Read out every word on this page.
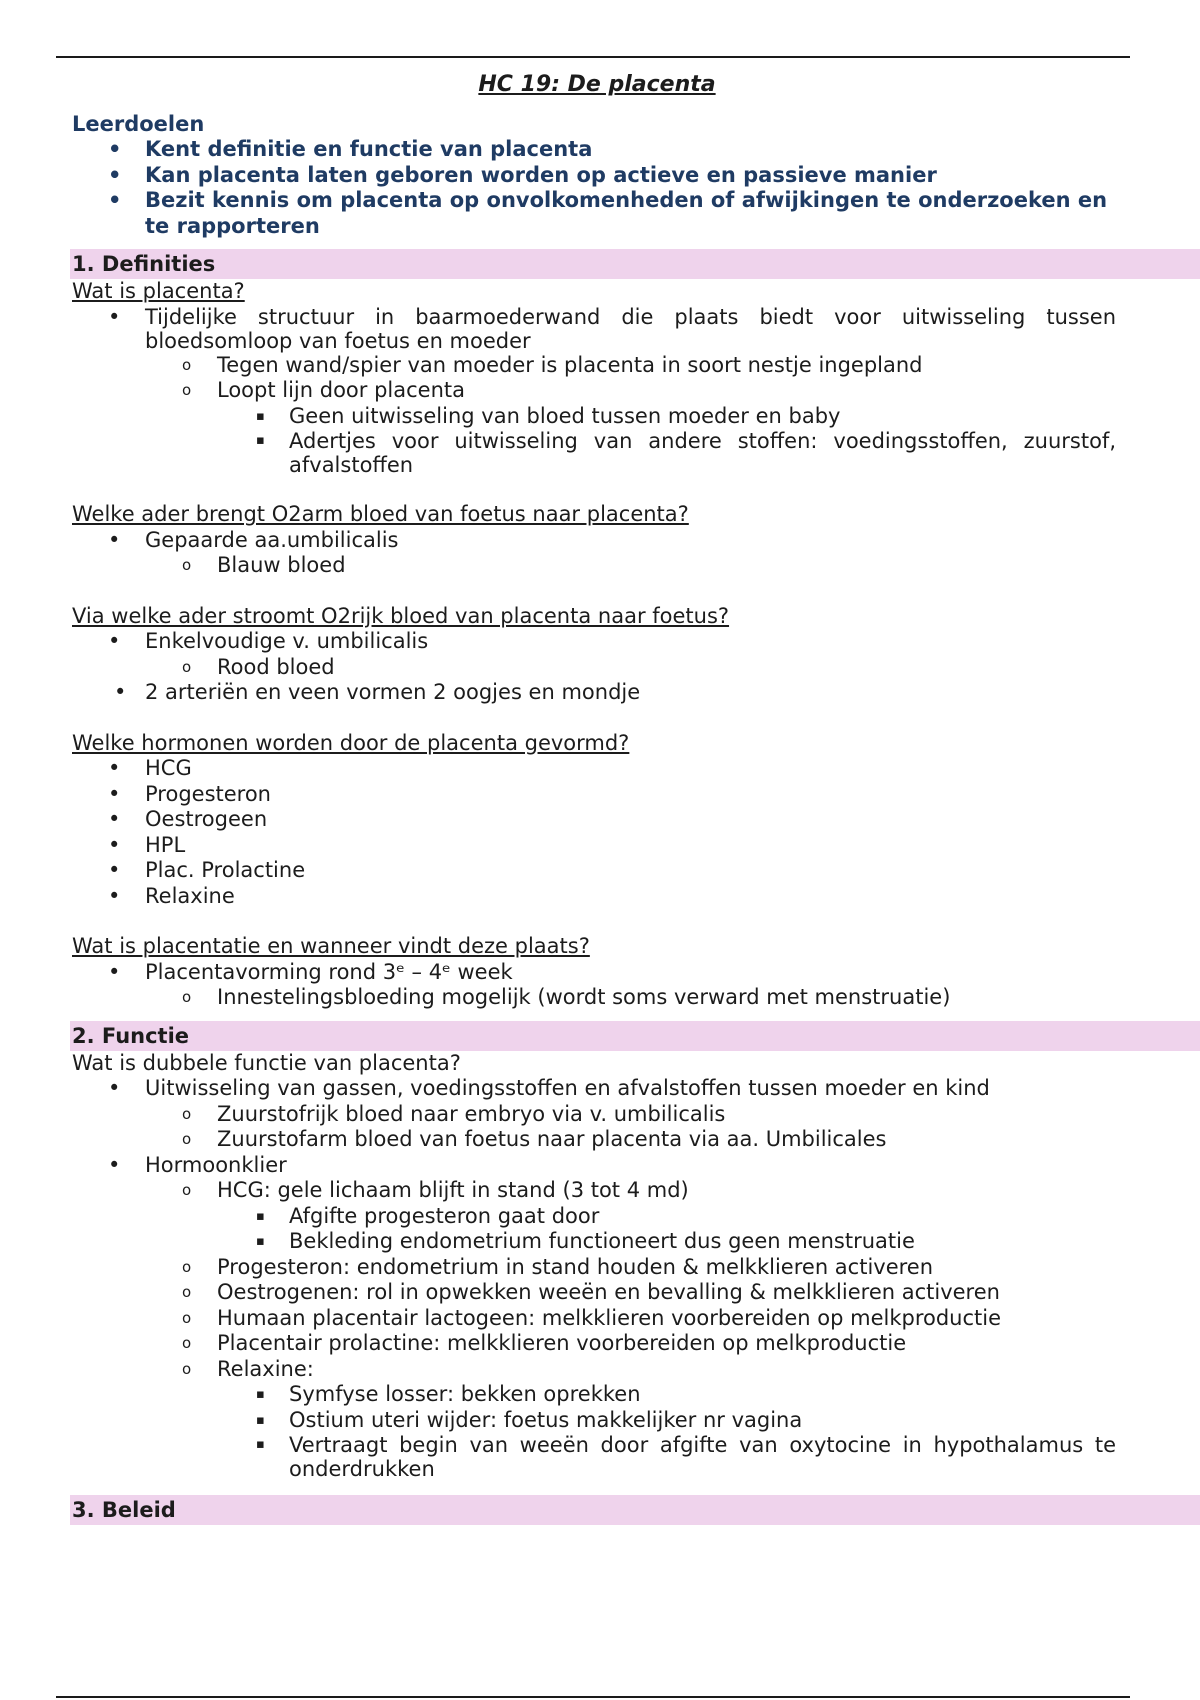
HC 19: De placenta
Leerdoelen
• Kent definitie en functie van placenta
• Kan placenta laten geboren worden op actieve en passieve manier
• Bezit kennis om placenta op onvolkomenheden of afwijkingen te onderzoeken en te rapporteren
1. Definities
Wat is placenta?
• Tijdelijke structuur in baarmoederwand die plaats biedt voor uitwisseling tussen bloedsomloop van foetus en moeder
o Tegen wand/spier van moeder is placenta in soort nestje ingepland
o Loopt lijn door placenta
▪ Geen uitwisseling van bloed tussen moeder en baby
▪ Adertjes voor uitwisseling van andere stoffen: voedingsstoffen, zuurstof, afvalstoffen
Welke ader brengt O2arm bloed van foetus naar placenta?
• Gepaarde aa.umbilicalis
o Blauw bloed
Via welke ader stroomt O2rijk bloed van placenta naar foetus?
• Enkelvoudige v. umbilicalis
o Rood bloed
• 2 arteriën en veen vormen 2 oogjes en mondje
Welke hormonen worden door de placenta gevormd?
• HCG
• Progesteron
• Oestrogeen
• HPL
• Plac. Prolactine
• Relaxine
Wat is placentatie en wanneer vindt deze plaats?
• Placentavorming rond 3ᵉ – 4ᵉ week
o Innestelingsbloeding mogelijk (wordt soms verward met menstruatie)
2. Functie
Wat is dubbele functie van placenta?
• Uitwisseling van gassen, voedingsstoffen en afvalstoffen tussen moeder en kind
o Zuurstofrijk bloed naar embryo via v. umbilicalis
o Zuurstofarm bloed van foetus naar placenta via aa. Umbilicales
• Hormoonklier
o HCG: gele lichaam blijft in stand (3 tot 4 md)
▪ Afgifte progesteron gaat door
▪ Bekleding endometrium functioneert dus geen menstruatie
o Progesteron: endometrium in stand houden & melkklieren activeren
o Oestrogenen: rol in opwekken weeën en bevalling & melkklieren activeren
o Humaan placentair lactogeen: melkklieren voorbereiden op melkproductie
o Placentair prolactine: melkklieren voorbereiden op melkproductie
o Relaxine:
▪ Symfyse losser: bekken oprekken
▪ Ostium uteri wijder: foetus makkelijker nr vagina
▪ Vertraagt begin van weeën door afgifte van oxytocine in hypothalamus te onderdrukken
3. Beleid
